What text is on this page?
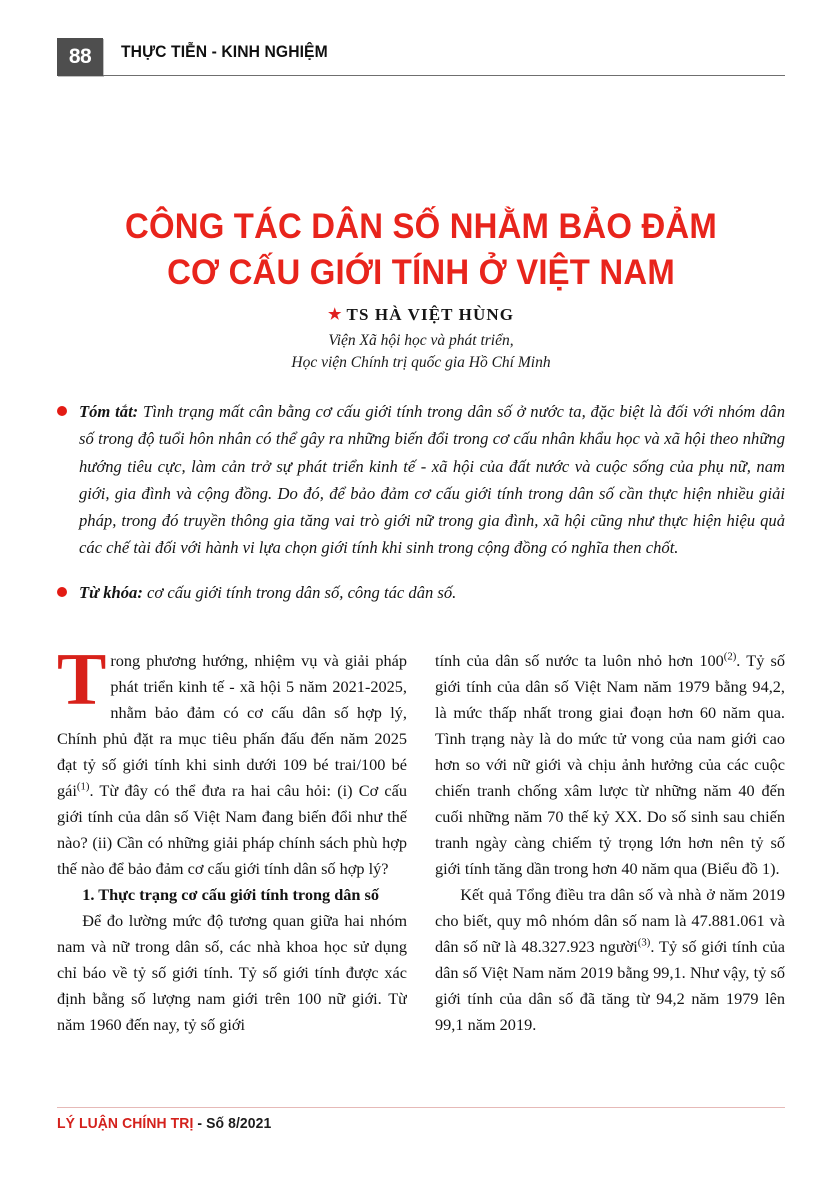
88	THỰC TIỄN - KINH NGHIỆM
CÔNG TÁC DÂN SỐ NHẰM BẢO ĐẢM
CƠ CẤU GIỚI TÍNH Ở VIỆT NAM
★ TS HÀ VIỆT HÙNG
Viện Xã hội học và phát triển,
Học viện Chính trị quốc gia Hồ Chí Minh

Tóm tắt: Tình trạng mất cân bằng cơ cấu giới tính trong dân số ở nước ta, đặc biệt là đối với nhóm dân số trong độ tuổi hôn nhân có thể gây ra những biến đổi trong cơ cấu nhân khẩu học và xã hội theo những hướng tiêu cực, làm cản trở sự phát triển kinh tế - xã hội của đất nước và cuộc sống của phụ nữ, nam giới, gia đình và cộng đồng. Do đó, để bảo đảm cơ cấu giới tính trong dân số cần thực hiện nhiều giải pháp, trong đó truyền thông gia tăng vai trò giới nữ trong gia đình, xã hội cũng như thực hiện hiệu quả các chế tài đối với hành vi lựa chọn giới tính khi sinh trong cộng đồng có nghĩa then chốt.

Từ khóa: cơ cấu giới tính trong dân số, công tác dân số.

Trong phương hướng, nhiệm vụ và giải pháp phát triển kinh tế - xã hội 5 năm 2021-2025, nhằm bảo đảm có cơ cấu dân số hợp lý, Chính phủ đặt ra mục tiêu phấn đấu đến năm 2025 đạt tỷ số giới tính khi sinh dưới 109 bé trai/100 bé gái$^{(1)}$. Từ đây có thể đưa ra hai câu hỏi: (i) Cơ cấu giới tính của dân số Việt Nam đang biến đổi như thế nào? (ii) Cần có những giải pháp chính sách phù hợp thế nào để bảo đảm cơ cấu giới tính dân số hợp lý?

1. Thực trạng cơ cấu giới tính trong dân số

Để đo lường mức độ tương quan giữa hai nhóm nam và nữ trong dân số, các nhà khoa học sử dụng chỉ báo về tỷ số giới tính. Tỷ số giới tính được xác định bằng số lượng nam giới trên 100 nữ giới. Từ năm 1960 đến nay, tỷ số giới

tính của dân số nước ta luôn nhỏ hơn 100$^{(2)}$. Tỷ số giới tính của dân số Việt Nam năm 1979 bằng 94,2, là mức thấp nhất trong giai đoạn hơn 60 năm qua. Tình trạng này là do mức tử vong của nam giới cao hơn so với nữ giới và chịu ảnh hưởng của các cuộc chiến tranh chống xâm lược từ những năm 40 đến cuối những năm 70 thế kỷ XX. Do số sinh sau chiến tranh ngày càng chiếm tỷ trọng lớn hơn nên tỷ số giới tính tăng dần trong hơn 40 năm qua (Biểu đồ 1).

Kết quả Tổng điều tra dân số và nhà ở năm 2019 cho biết, quy mô nhóm dân số nam là 47.881.061 và dân số nữ là 48.327.923 người$^{(3)}$. Tỷ số giới tính của dân số Việt Nam năm 2019 bằng 99,1. Như vậy, tỷ số giới tính của dân số đã tăng từ 94,2 năm 1979 lên 99,1 năm 2019.

LÝ LUẬN CHÍNH TRỊ - Số 8/2021
